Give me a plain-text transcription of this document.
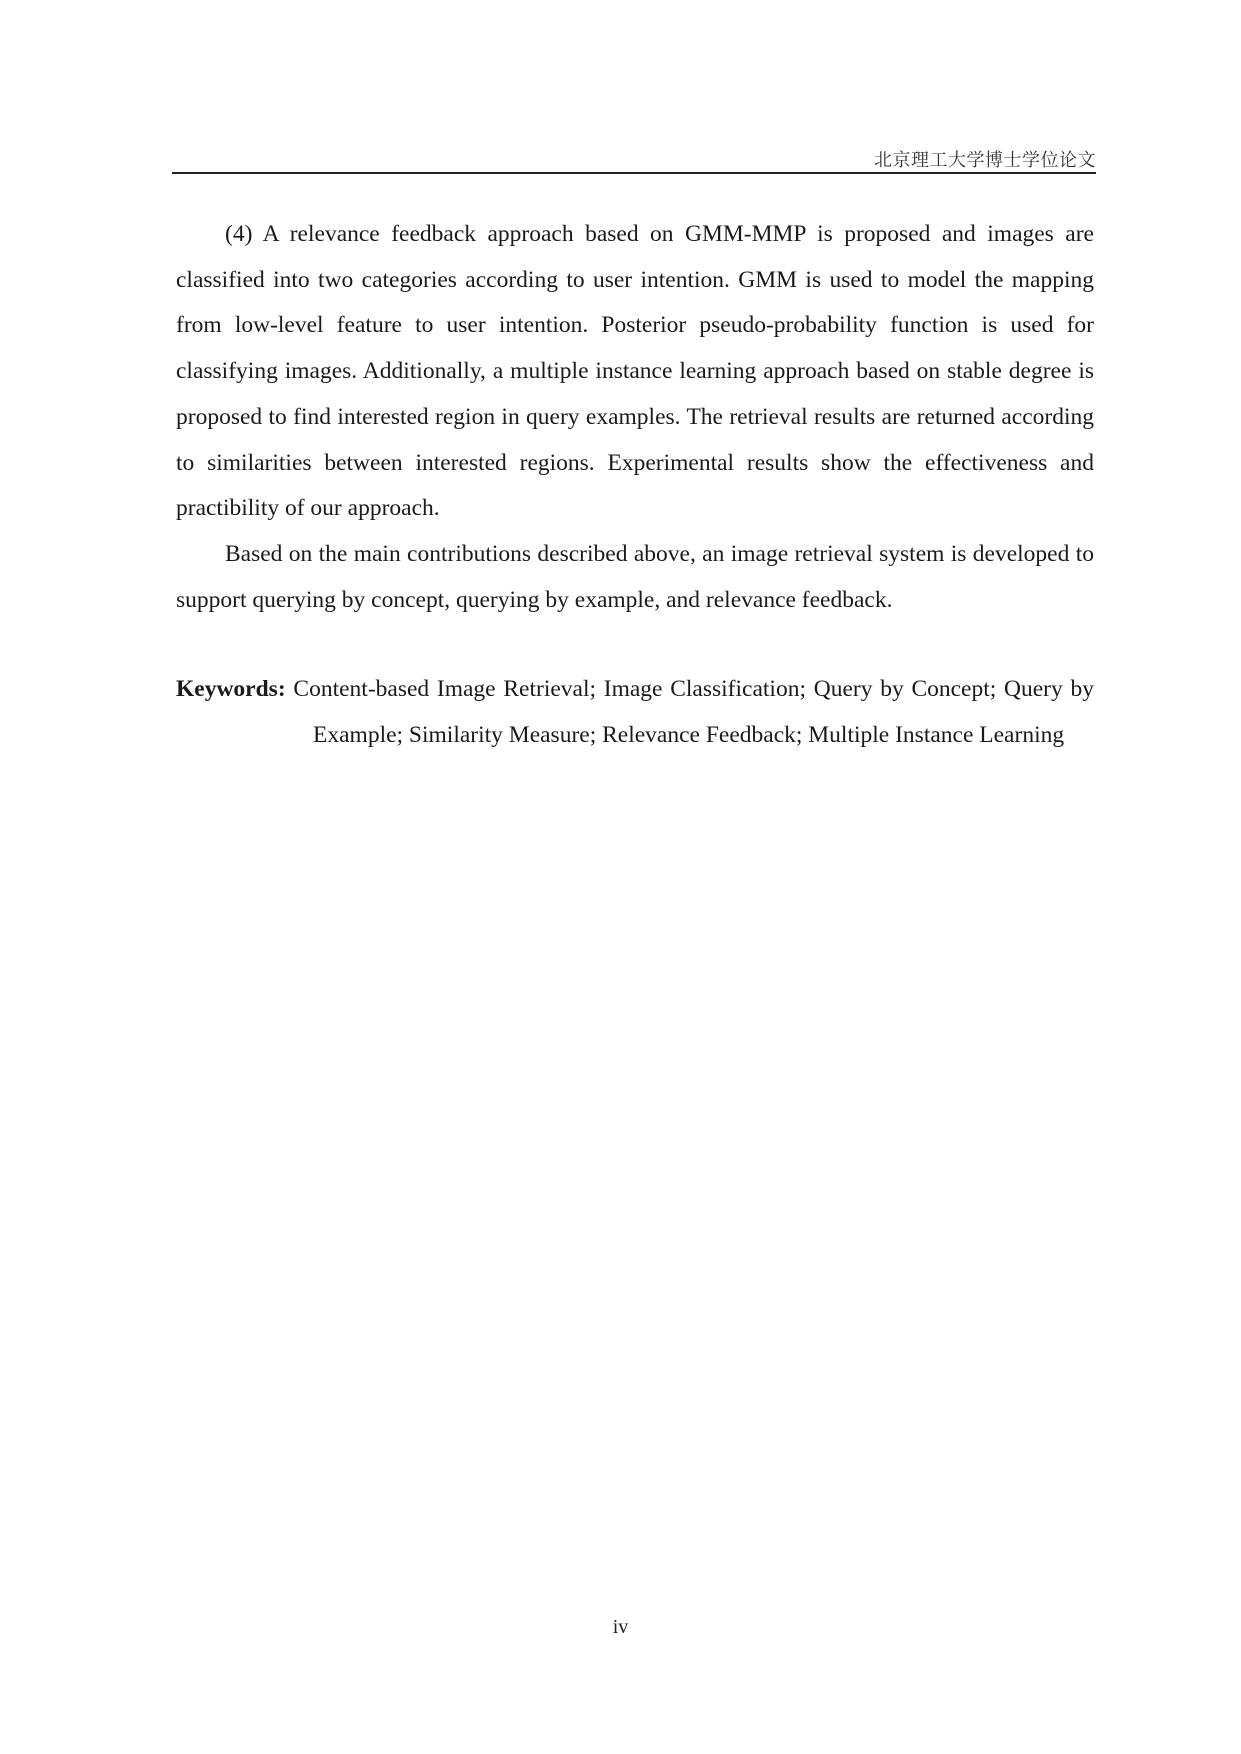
北京理工大学博士学位论文

(4) A relevance feedback approach based on GMM-MMP is proposed and images are classified into two categories according to user intention. GMM is used to model the mapping from low-level feature to user intention. Posterior pseudo-probability function is used for classifying images. Additionally, a multiple instance learning approach based on stable degree is proposed to find interested region in query examples. The retrieval results are returned according to similarities between interested regions. Experimental results show the effectiveness and practibility of our approach.

Based on the main contributions described above, an image retrieval system is developed to support querying by concept, querying by example, and relevance feedback.

Keywords: Content-based Image Retrieval; Image Classification; Query by Concept; Query by Example; Similarity Measure; Relevance Feedback; Multiple Instance Learning
iv
